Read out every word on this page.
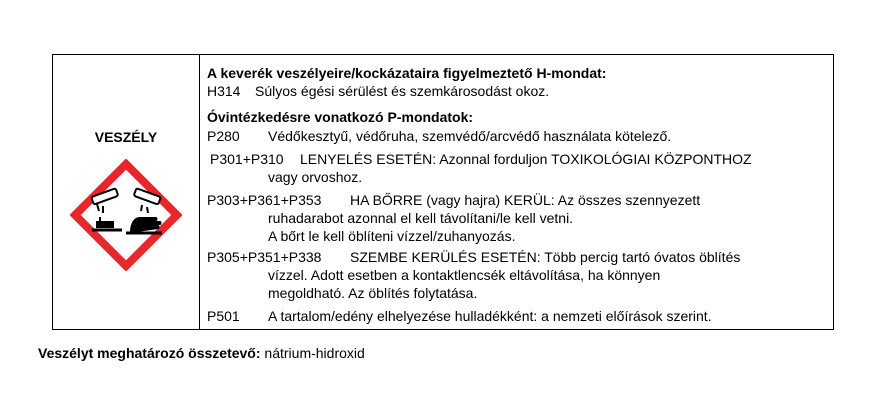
VESZÉLY
A keverék veszélyeire/kockázataira figyelmeztető H-mondat:
H314 Súlyos égési sérülést és szemkárosodást okoz.
Óvintézkedésre vonatkozó P-mondatok:
P280 Védőkesztyű, védőruha, szemvédő/arcvédő használata kötelező.
P301+P310 LENYELÉS ESETÉN: Azonnal forduljon TOXIKOLÓGIAI KÖZPONTHOZ
vagy orvoshoz.
P303+P361+P353 HA BŐRRE (vagy hajra) KERÜL: Az összes szennyezett
ruhadarabot azonnal el kell távolítani/le kell vetni.
A bőrt le kell öblíteni vízzel/zuhanyozás.
P305+P351+P338 SZEMBE KERÜLÉS ESETÉN: Több percig tartó óvatos öblítés
vízzel. Adott esetben a kontaktlencsék eltávolítása, ha könnyen
megoldható. Az öblítés folytatása.
P501 A tartalom/edény elhelyezése hulladékként: a nemzeti előírások szerint.
Veszélyt meghatározó összetevő: nátrium-hidroxid
